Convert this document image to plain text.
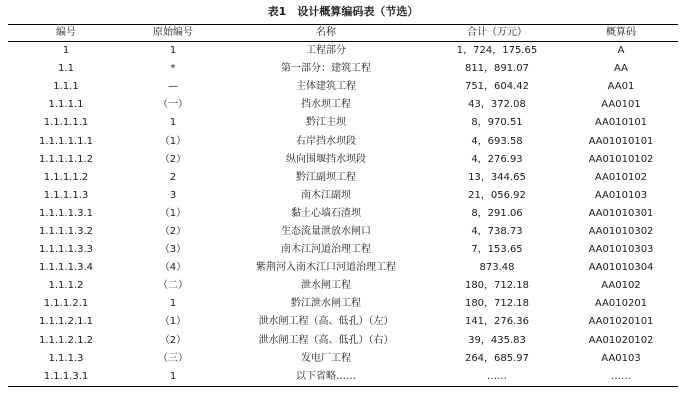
表1　设计概算编码表（节选）
编号	原始编号	名称	合计（万元）	概算码
1	1	工程部分	1，724，175.65	A
1.1	*	第一部分：建筑工程	811，891.07	AA
1.1.1	—	主体建筑工程	751，604.42	AA01
1.1.1.1	（一）	挡水坝工程	43，372.08	AA0101
1.1.1.1.1	1	黔江主坝	8，970.51	AA010101
1.1.1.1.1.1	（1）	右岸挡水坝段	4，693.58	AA01010101
1.1.1.1.1.2	（2）	纵向围堰挡水坝段	4，276.93	AA01010102
1.1.1.1.2	2	黔江副坝工程	13，344.65	AA010102
1.1.1.1.3	3	南木江副坝	21，056.92	AA010103
1.1.1.1.3.1	（1）	黏土心墙石渣坝	8，291.06	AA01010301
1.1.1.1.3.2	（2）	生态流量泄放水闸口	4，738.73	AA01010302
1.1.1.1.3.3	（3）	南木江河道治理工程	7，153.65	AA01010303
1.1.1.1.3.4	（4）	紫荆河入南木江口河道治理工程	873.48	AA01010304
1.1.1.2	（二）	泄水闸工程	180，712.18	AA0102
1.1.1.2.1	1	黔江泄水闸工程	180，712.18	AA010201
1.1.1.2.1.1	（1）	泄水闸工程（高、低孔）（左）	141，276.36	AA01020101
1.1.1.2.1.2	（2）	泄水闸工程（高、低孔）（右）	39，435.83	AA01020102
1.1.1.3	（三）	发电厂工程	264，685.97	AA0103
1.1.1.3.1	1	以下省略……	……	……
